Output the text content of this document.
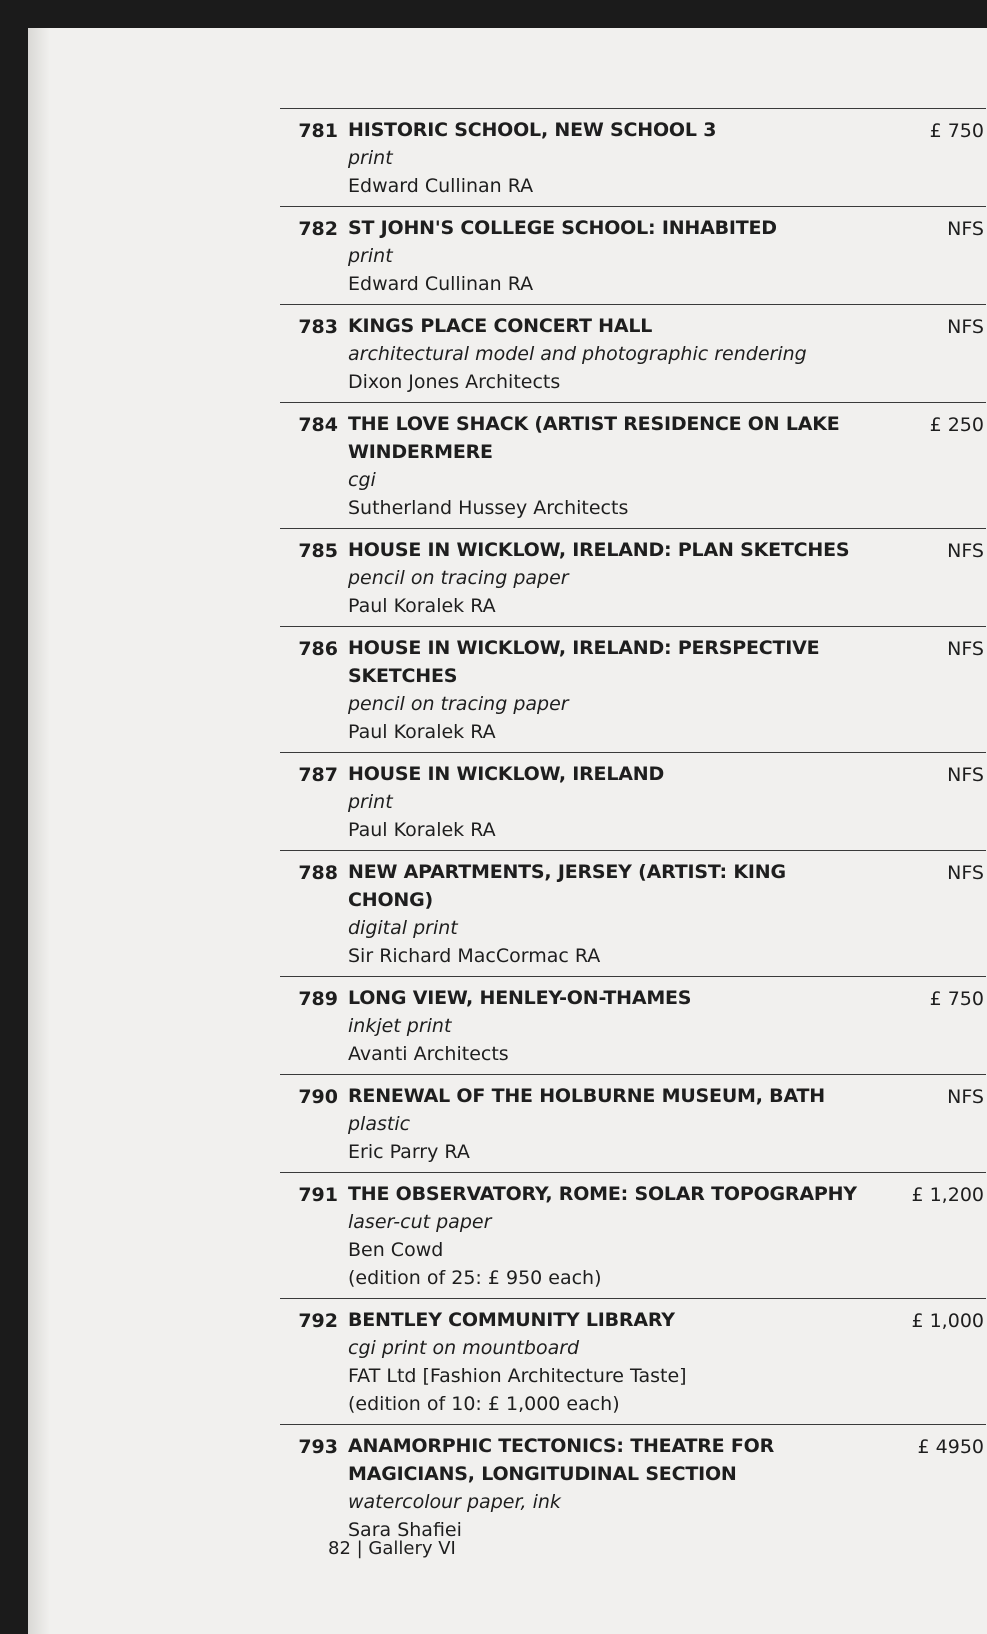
781 HISTORIC SCHOOL, NEW SCHOOL 3
print
Edward Cullinan RA
£ 750
782 ST JOHN'S COLLEGE SCHOOL: INHABITED
print
Edward Cullinan RA
NFS
783 KINGS PLACE CONCERT HALL
architectural model and photographic rendering
Dixon Jones Architects
NFS
784 THE LOVE SHACK (ARTIST RESIDENCE ON LAKE WINDERMERE
cgi
Sutherland Hussey Architects
£ 250
785 HOUSE IN WICKLOW, IRELAND: PLAN SKETCHES
pencil on tracing paper
Paul Koralek RA
NFS
786 HOUSE IN WICKLOW, IRELAND: PERSPECTIVE SKETCHES
pencil on tracing paper
Paul Koralek RA
NFS
787 HOUSE IN WICKLOW, IRELAND
print
Paul Koralek RA
NFS
788 NEW APARTMENTS, JERSEY (ARTIST: KING CHONG)
digital print
Sir Richard MacCormac RA
NFS
789 LONG VIEW, HENLEY-ON-THAMES
inkjet print
Avanti Architects
£ 750
790 RENEWAL OF THE HOLBURNE MUSEUM, BATH
plastic
Eric Parry RA
NFS
791 THE OBSERVATORY, ROME: SOLAR TOPOGRAPHY
laser-cut paper
Ben Cowd
(edition of 25: £ 950 each)
£ 1,200
792 BENTLEY COMMUNITY LIBRARY
cgi print on mountboard
FAT Ltd [Fashion Architecture Taste]
(edition of 10: £ 1,000 each)
£ 1,000
793 ANAMORPHIC TECTONICS: THEATRE FOR MAGICIANS, LONGITUDINAL SECTION
watercolour paper, ink
Sara Shafiei
£ 4950
82 | Gallery VI
